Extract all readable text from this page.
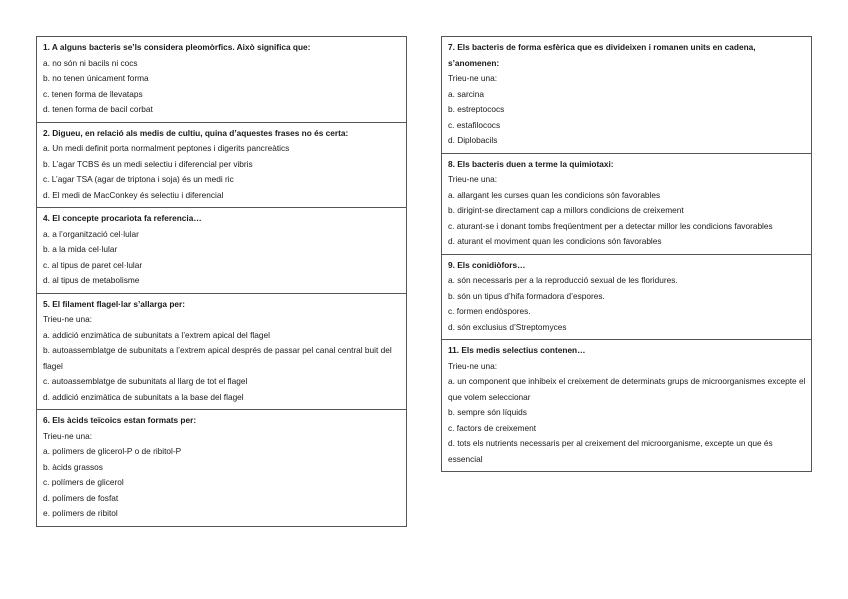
1. A alguns bacteris se’ls considera pleomòrfics. Això significa que:

a. no són ni bacils ni cocs

b. no tenen únicament forma

c. tenen forma de llevataps

d. tenen forma de bacil corbat

2. Digueu, en relació als medis de cultiu, quina d’aquestes frases no és certa:

a. Un medi definit porta normalment peptones i digerits pancreàtics

b. L’agar TCBS és un medi selectiu i diferencial per vibris

c. L’agar TSA (agar de triptona i soja) és un medi ric

d. El medi de MacConkey és selectiu i diferencial

4. El concepte procariota fa referencia…

a. a l’organització cel·lular

b. a la mida cel·lular

c. al tipus de paret cel·lular

d. al tipus de metabolisme

5. El filament flagel·lar s’allarga per:

Trieu-ne una:

a. addició enzimàtica de subunitats a l’extrem apical del flagel

b. autoassemblatge de subunitats a l’extrem apical després de passar pel canal central buit del flagel

c. autoassemblatge de subunitats al llarg de tot el flagel

d. addició enzimàtica de subunitats a la base del flagel

6. Els àcids teïcoics estan formats per:

Trieu-ne una:

a. polímers de glicerol-P o de ribitol-P

b. àcids grassos

c. polímers de glicerol

d. polímers de fosfat

e. polímers de ribitol

7. Els bacteris de forma esfèrica que es divideixen i romanen units en cadena, s’anomenen:

Trieu-ne una:

a. sarcina

b. estreptococs

c. estafilococs

d. Diplobacils

8. Els bacteris duen a terme la quimiotaxi:

Trieu-ne una:

a. allargant les curses quan les condicions són favorables

b. dirigint-se directament cap a millors condicions de creixement

c. aturant-se i donant tombs freqüentment per a detectar millor les condicions favorables

d. aturant el moviment quan les condicions són favorables

9. Els conidiòfors…

a. són necessaris per a la reproducció sexual de les floridures.

b. són un tipus d’hifa formadora d’espores.

c. formen endòspores.

d. són exclusius d’Streptomyces

11. Els medis selectius contenen…

Trieu-ne una:

a. un component que inhibeix el creixement de determinats grups de microorganismes excepte el que volem seleccionar

b. sempre són líquids

c. factors de creixement

d. tots els nutrients necessaris per al creixement del microorganisme, excepte un que és essencial
